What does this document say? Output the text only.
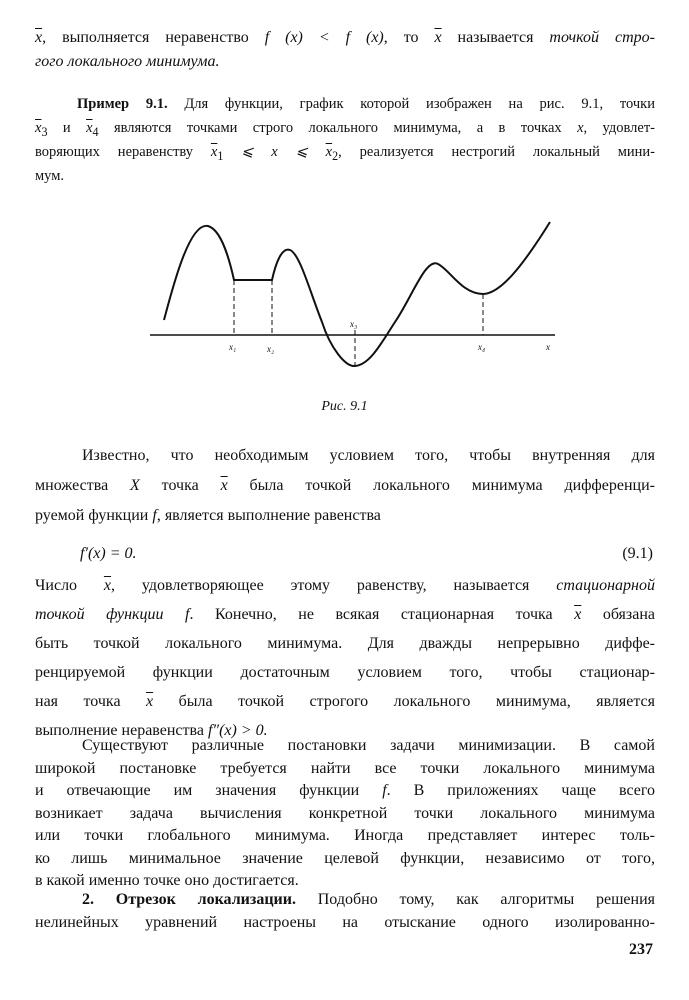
$\overline{x}$, выполняется неравенство f (x) < f (x), то $\overline{x}$ называется точкой стро-
гого локального минимума.
Пример 9.1. Для функции, график которой изображен на рис. 9.1, точки
$\overline{x}_3$ и $\overline{x}_4$ являются точками строго локального минимума, а в точках x, удовлет-
воряющих неравенству $\overline{x}_1$ ⩽ x ⩽ $\overline{x}_2$, реализуется нестрогий локальный мини-
мум.
x₁	x₂
x₃
x₄	x
Рис. 9.1
Известно, что необходимым условием того, чтобы внутренняя для
множества X точка $\overline{x}$ была точкой локального минимума дифференци-
руемой функции f, является выполнение равенства
f′(x) = 0.	(9.1)
Число $\overline{x}$, удовлетворяющее этому равенству, называется стационарной
точкой функции f. Конечно, не всякая стационарная точка $\overline{x}$ обязана
быть точкой локального минимума. Для дважды непрерывно диффе-
ренцируемой функции достаточным условием того, чтобы стационар-
ная точка $\overline{x}$ была точкой строгого локального минимума, является
выполнение неравенства f″(x) > 0.
Существуют различные постановки задачи минимизации. В самой
широкой постановке требуется найти все точки локального минимума
и отвечающие им значения функции f. В приложениях чаще всего
возникает задача вычисления конкретной точки локального минимума
или точки глобального минимума. Иногда представляет интерес толь-
ко лишь минимальное значение целевой функции, независимо от того,
в какой именно точке оно достигается.
2. Отрезок локализации. Подобно тому, как алгоритмы решения
нелинейных уравнений настроены на отыскание одного изолированно-
237
